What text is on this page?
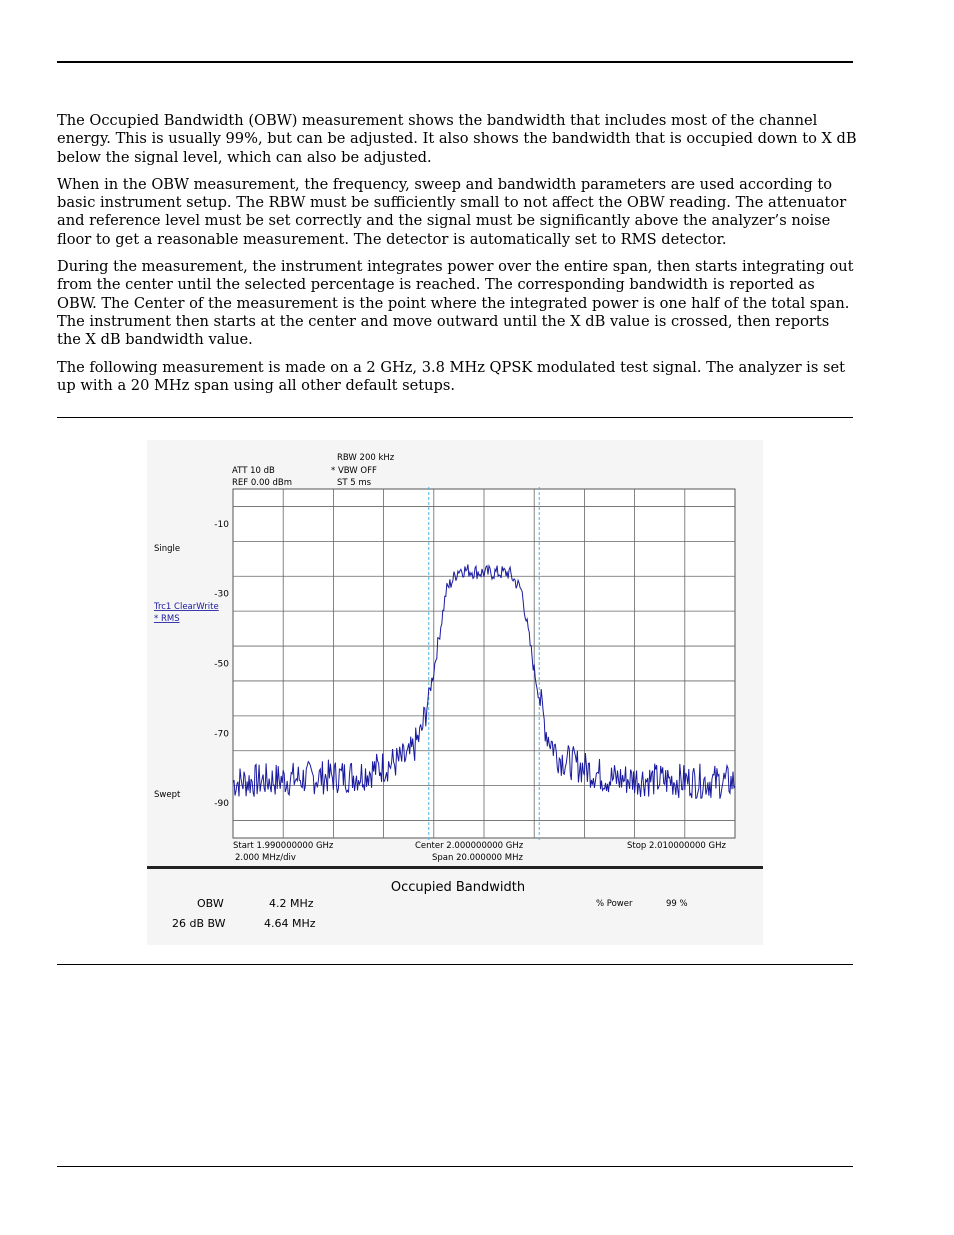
The Occupied Bandwidth (OBW) measurement shows the bandwidth that includes most of the channel energy. This is usually 99%, but can be adjusted. It also shows the bandwidth that is occupied down to X dB below the signal level, which can also be adjusted.

When in the OBW measurement, the frequency, sweep and bandwidth parameters are used according to basic instrument setup. The RBW must be sufficiently small to not affect the OBW reading. The attenuator and reference level must be set correctly and the signal must be significantly above the analyzer’s noise floor to get a reasonable measurement. The detector is automatically set to RMS detector.

During the measurement, the instrument integrates power over the entire span, then starts integrating out from the center until the selected percentage is reached. The corresponding bandwidth is reported as OBW. The Center of the measurement is the point where the integrated power is one half of the total span. The instrument then starts at the center and move outward until the X dB value is crossed, then reports the X dB bandwidth value.

The following measurement is made on a 2 GHz, 3.8 MHz QPSK modulated test signal. The analyzer is set up with a 20 MHz span using all other default setups.

RBW 200 kHz
ATT 10 dB	* VBW OFF
REF 0.00 dBm	ST 5 ms
Single
Trc1 ClearWrite
* RMS
Swept
-10
-30
-50
-70
-90
Start 1.990000000 GHz	Center 2.000000000 GHz	Stop 2.010000000 GHz
2.000 MHz/div	Span 20.000000 MHz
Occupied Bandwidth
OBW	4.2 MHz
26 dB BW	4.64 MHz
% Power	99 %
